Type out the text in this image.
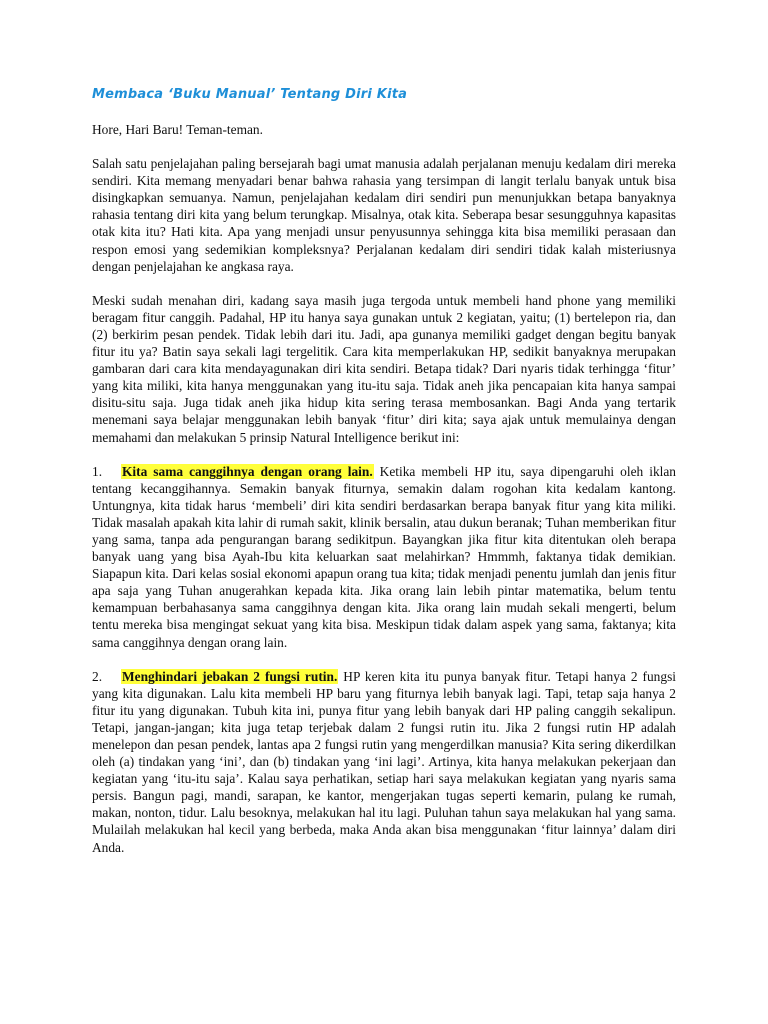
Membaca ‘Buku Manual’ Tentang Diri Kita

Hore, Hari Baru! Teman-teman.

Salah satu penjelajahan paling bersejarah bagi umat manusia adalah perjalanan menuju kedalam diri mereka sendiri. Kita memang menyadari benar bahwa rahasia yang tersimpan di langit terlalu banyak untuk bisa disingkapkan semuanya. Namun, penjelajahan kedalam diri sendiri pun menunjukkan betapa banyaknya rahasia tentang diri kita yang belum terungkap. Misalnya, otak kita. Seberapa besar sesungguhnya kapasitas otak kita itu? Hati kita. Apa yang menjadi unsur penyusunnya sehingga kita bisa memiliki perasaan dan respon emosi yang sedemikian kompleksnya? Perjalanan kedalam diri sendiri tidak kalah misteriusnya dengan penjelajahan ke angkasa raya.

Meski sudah menahan diri, kadang saya masih juga tergoda untuk membeli hand phone yang memiliki beragam fitur canggih. Padahal, HP itu hanya saya gunakan untuk 2 kegiatan, yaitu; (1) bertelepon ria, dan (2) berkirim pesan pendek. Tidak lebih dari itu. Jadi, apa gunanya memiliki gadget dengan begitu banyak fitur itu ya? Batin saya sekali lagi tergelitik. Cara kita memperlakukan HP, sedikit banyaknya merupakan gambaran dari cara kita mendayagunakan diri kita sendiri. Betapa tidak? Dari nyaris tidak terhingga ‘fitur’ yang kita miliki, kita hanya menggunakan yang itu-itu saja. Tidak aneh jika pencapaian kita hanya sampai disitu-situ saja. Juga tidak aneh jika hidup kita sering terasa membosankan. Bagi Anda yang tertarik menemani saya belajar menggunakan lebih banyak ‘fitur’ diri kita; saya ajak untuk memulainya dengan memahami dan melakukan 5 prinsip Natural Intelligence berikut ini:

1. Kita sama canggihnya dengan orang lain. Ketika membeli HP itu, saya dipengaruhi oleh iklan tentang kecanggihannya. Semakin banyak fiturnya, semakin dalam rogohan kita kedalam kantong. Untungnya, kita tidak harus ‘membeli’ diri kita sendiri berdasarkan berapa banyak fitur yang kita miliki. Tidak masalah apakah kita lahir di rumah sakit, klinik bersalin, atau dukun beranak; Tuhan memberikan fitur yang sama, tanpa ada pengurangan barang sedikitpun. Bayangkan jika fitur kita ditentukan oleh berapa banyak uang yang bisa Ayah-Ibu kita keluarkan saat melahirkan? Hmmmh, faktanya tidak demikian. Siapapun kita. Dari kelas sosial ekonomi apapun orang tua kita; tidak menjadi penentu jumlah dan jenis fitur apa saja yang Tuhan anugerahkan kepada kita. Jika orang lain lebih pintar matematika, belum tentu kemampuan berbahasanya sama canggihnya dengan kita. Jika orang lain mudah sekali mengerti, belum tentu mereka bisa mengingat sekuat yang kita bisa. Meskipun tidak dalam aspek yang sama, faktanya; kita sama canggihnya dengan orang lain.

2. Menghindari jebakan 2 fungsi rutin. HP keren kita itu punya banyak fitur. Tetapi hanya 2 fungsi yang kita digunakan. Lalu kita membeli HP baru yang fiturnya lebih banyak lagi. Tapi, tetap saja hanya 2 fitur itu yang digunakan. Tubuh kita ini, punya fitur yang lebih banyak dari HP paling canggih sekalipun. Tetapi, jangan-jangan; kita juga tetap terjebak dalam 2 fungsi rutin itu. Jika 2 fungsi rutin HP adalah menelepon dan pesan pendek, lantas apa 2 fungsi rutin yang mengerdilkan manusia? Kita sering dikerdilkan oleh (a) tindakan yang ‘ini’, dan (b) tindakan yang ‘ini lagi’. Artinya, kita hanya melakukan pekerjaan dan kegiatan yang ‘itu-itu saja’. Kalau saya perhatikan, setiap hari saya melakukan kegiatan yang nyaris sama persis. Bangun pagi, mandi, sarapan, ke kantor, mengerjakan tugas seperti kemarin, pulang ke rumah, makan, nonton, tidur. Lalu besoknya, melakukan hal itu lagi. Puluhan tahun saya melakukan hal yang sama. Mulailah melakukan hal kecil yang berbeda, maka Anda akan bisa menggunakan ‘fitur lainnya’ dalam diri Anda.
